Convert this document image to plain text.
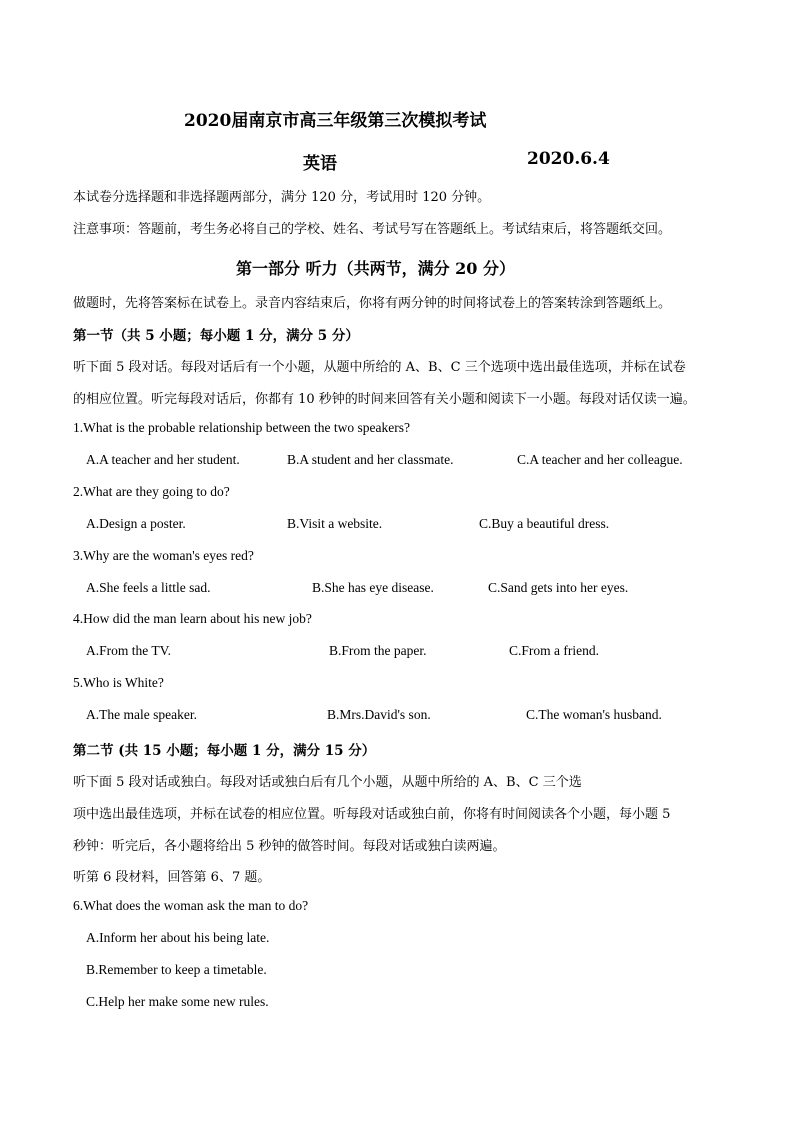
2020届南京市高三年级第三次模拟考试
英语	2020.6.4
本试卷分选择题和非选择题两部分，满分 120 分，考试用时 120 分钟。
注意事项：答题前，考生务必将自己的学校、姓名、考试号写在答题纸上。考试结束后，将答题纸交回。
第一部分 听力（共两节，满分 20 分）
做题时，先将答案标在试卷上。录音内容结束后，你将有两分钟的时间将试卷上的答案转涂到答题纸上。
第一节（共 5 小题；每小题 1 分，满分 5 分）
听下面 5 段对话。每段对话后有一个小题，从题中所给的 A、B、C 三个选项中选出最佳选项，并标在试卷
的相应位置。听完每段对话后，你都有 10 秒钟的时间来回答有关小题和阅读下一小题。每段对话仅读一遍。
1.What is the probable relationship between the two speakers?
A.A teacher and her student.	B.A student and her classmate.	C.A teacher and her colleague.
2.What are they going to do?
A.Design a poster.	B.Visit a website.	C.Buy a beautiful dress.
3.Why are the woman's eyes red?
A.She feels a little sad.	B.She has eye disease.	C.Sand gets into her eyes.
4.How did the man learn about his new job?
A.From the TV.	B.From the paper.	C.From a friend.
5.Who is White?
A.The male speaker.	B.Mrs.David's son.	C.The woman's husband.
第二节 (共 15 小题；每小题 1 分，满分 15 分）
听下面 5 段对话或独白。每段对话或独白后有几个小题，从题中所给的 A、B、C 三个选
项中选出最佳选项，并标在试卷的相应位置。听每段对话或独白前，你将有时间阅读各个小题，每小题 5
秒钟：听完后，各小题将给出 5 秒钟的做答时间。每段对话或独白读两遍。
听第 6 段材料，回答第 6、7 题。
6.What does the woman ask the man to do?
A.Inform her about his being late.
B.Remember to keep a timetable.
C.Help her make some new rules.
